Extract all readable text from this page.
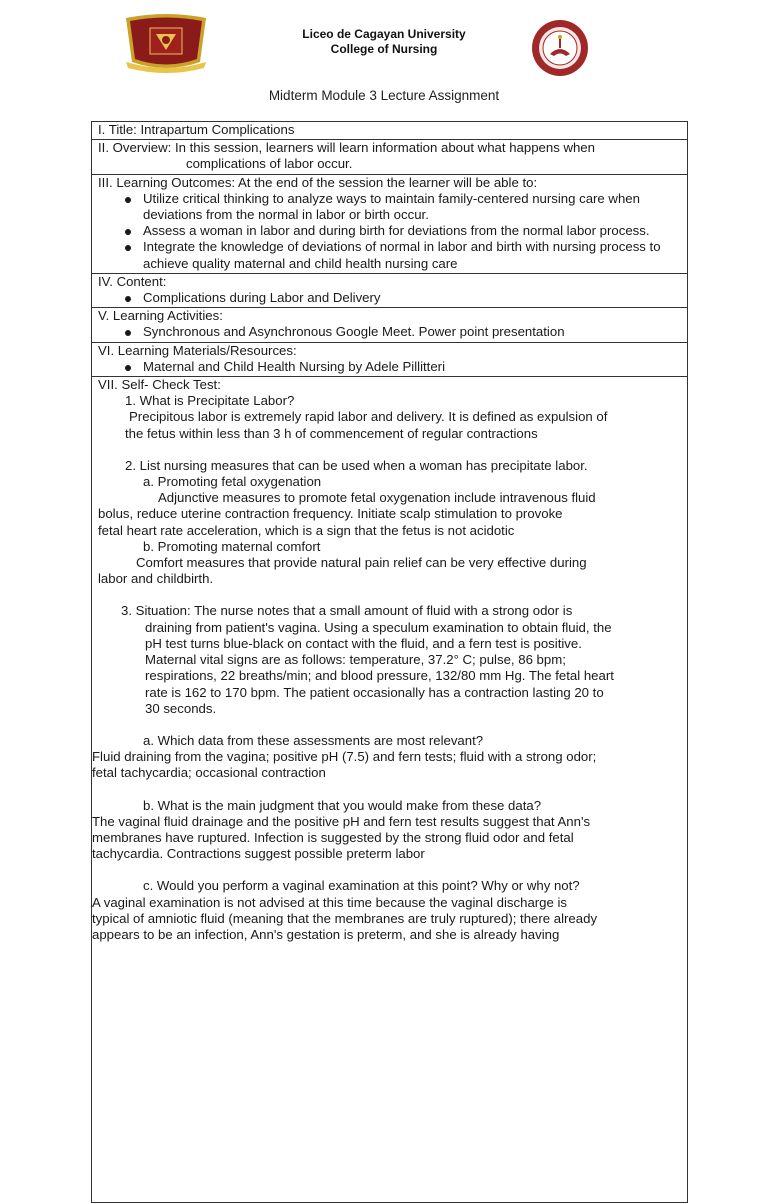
Liceo de Cagayan University
College of Nursing
Midterm Module 3 Lecture Assignment
I. Title: Intrapartum Complications
II. Overview: In this session, learners will learn information about what happens when
complications of labor occur.
III. Learning Outcomes: At the end of the session the learner will be able to:
Utilize critical thinking to analyze ways to maintain family-centered nursing care when deviations from the normal in labor or birth occur.
Assess a woman in labor and during birth for deviations from the normal labor process.
Integrate the knowledge of deviations of normal in labor and birth with nursing process to achieve quality maternal and child health nursing care
IV. Content:
Complications during Labor and Delivery
V. Learning Activities:
Synchronous and Asynchronous Google Meet. Power point presentation
VI. Learning Materials/Resources:
Maternal and Child Health Nursing by Adele Pillitteri
VII. Self- Check Test:
1. What is Precipitate Labor?
Precipitous labor is extremely rapid labor and delivery. It is defined as expulsion of
the fetus within less than 3 h of commencement of regular contractions
2. List nursing measures that can be used when a woman has precipitate labor.
a. Promoting fetal oxygenation
Adjunctive measures to promote fetal oxygenation include intravenous fluid
bolus, reduce uterine contraction frequency. Initiate scalp stimulation to provoke
fetal heart rate acceleration, which is a sign that the fetus is not acidotic
b. Promoting maternal comfort
Comfort measures that provide natural pain relief can be very effective during
labor and childbirth.
3. Situation: The nurse notes that a small amount of fluid with a strong odor is
draining from patient's vagina. Using a speculum examination to obtain fluid, the
pH test turns blue-black on contact with the fluid, and a fern test is positive.
Maternal vital signs are as follows: temperature, 37.2° C; pulse, 86 bpm;
respirations, 22 breaths/min; and blood pressure, 132/80 mm Hg. The fetal heart
rate is 162 to 170 bpm. The patient occasionally has a contraction lasting 20 to
30 seconds.
a. Which data from these assessments are most relevant?
Fluid draining from the vagina; positive pH (7.5) and fern tests; fluid with a strong odor;
fetal tachycardia; occasional contraction
b. What is the main judgment that you would make from these data?
The vaginal fluid drainage and the positive pH and fern test results suggest that Ann's
membranes have ruptured. Infection is suggested by the strong fluid odor and fetal
tachycardia. Contractions suggest possible preterm labor
c. Would you perform a vaginal examination at this point? Why or why not?
A vaginal examination is not advised at this time because the vaginal discharge is
typical of amniotic fluid (meaning that the membranes are truly ruptured); there already
appears to be an infection, Ann's gestation is preterm, and she is already having
